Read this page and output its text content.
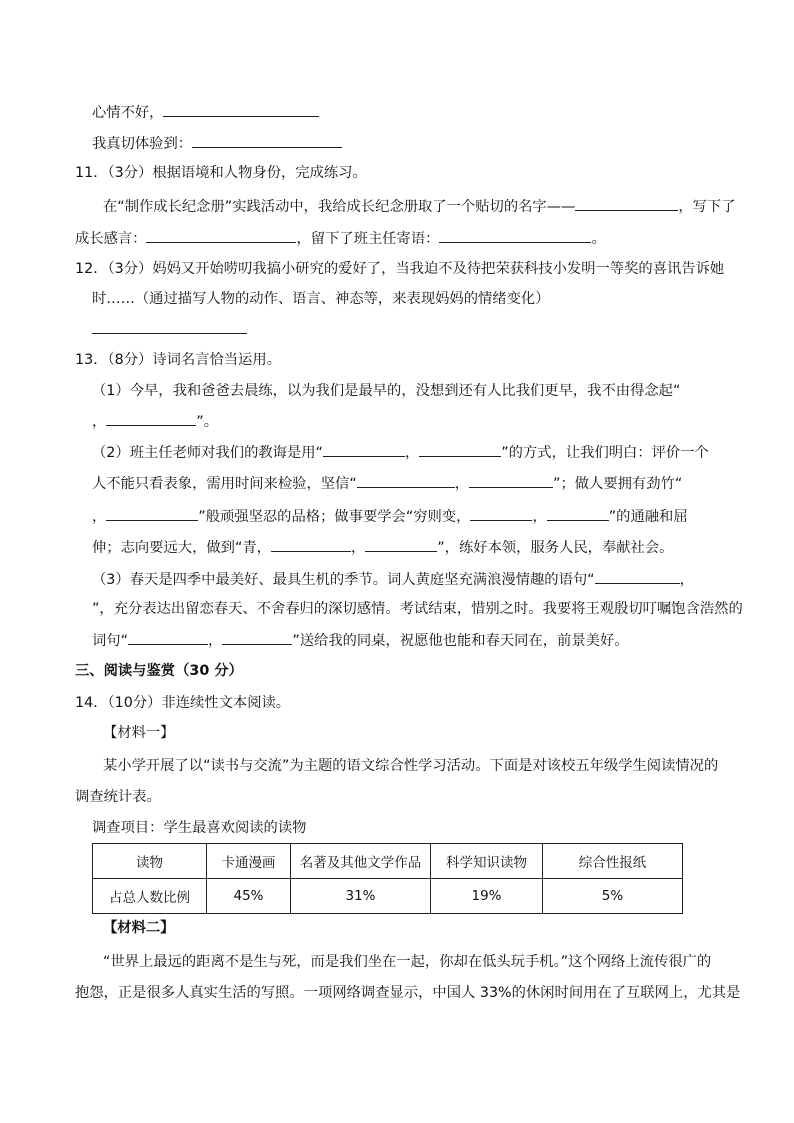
心情不好，
我真切体验到：
11．（3分）根据语境和人物身份，完成练习。
在“制作成长纪念册”实践活动中，我给成长纪念册取了一个贴切的名字——	，写下了
成长感言：	，留下了班主任寄语：	。
12．（3分）妈妈又开始唠叨我搞小研究的爱好了，当我迫不及待把荣获科技小发明一等奖的喜讯告诉她
时……（通过描写人物的动作、语言、神态等，来表现妈妈的情绪变化）
13．（8分）诗词名言恰当运用。
（1）今早，我和爸爸去晨练，以为我们是最早的，没想到还有人比我们更早，我不由得念起“
，	”。
（2）班主任老师对我们的教诲是用“	，	”的方式，让我们明白：评价一个
人不能只看表象，需用时间来检验，坚信“	，	”；做人要拥有劲竹“
，	”般顽强坚忍的品格；做事要学会“穷则变，	，	”的通融和屈
伸；志向要远大，做到“青，	，	”，练好本领，服务人民，奉献社会。
（3）春天是四季中最美好、最具生机的季节。词人黄庭坚充满浪漫情趣的语句“	，
”，充分表达出留恋春天、不舍春归的深切感情。考试结束，惜别之时。我要将王观殷切叮嘱饱含浩然的
词句“	，	”送给我的同桌，祝愿他也能和春天同在，前景美好。
三、阅读与鉴赏（30 分）
14．（10分）非连续性文本阅读。
【材料一】
某小学开展了以“读书与交流”为主题的语文综合性学习活动。下面是对该校五年级学生阅读情况的
调查统计表。
调查项目：学生最喜欢阅读的读物
读物	卡通漫画	名著及其他文学作品	科学知识读物	综合性报纸
占总人数比例	45%	31%	19%	5%
【材料二】
“世界上最远的距离不是生与死，而是我们坐在一起，你却在低头玩手机。”这个网络上流传很广的
抱怨，正是很多人真实生活的写照。一项网络调查显示，中国人 33%的休闲时间用在了互联网上，尤其是
